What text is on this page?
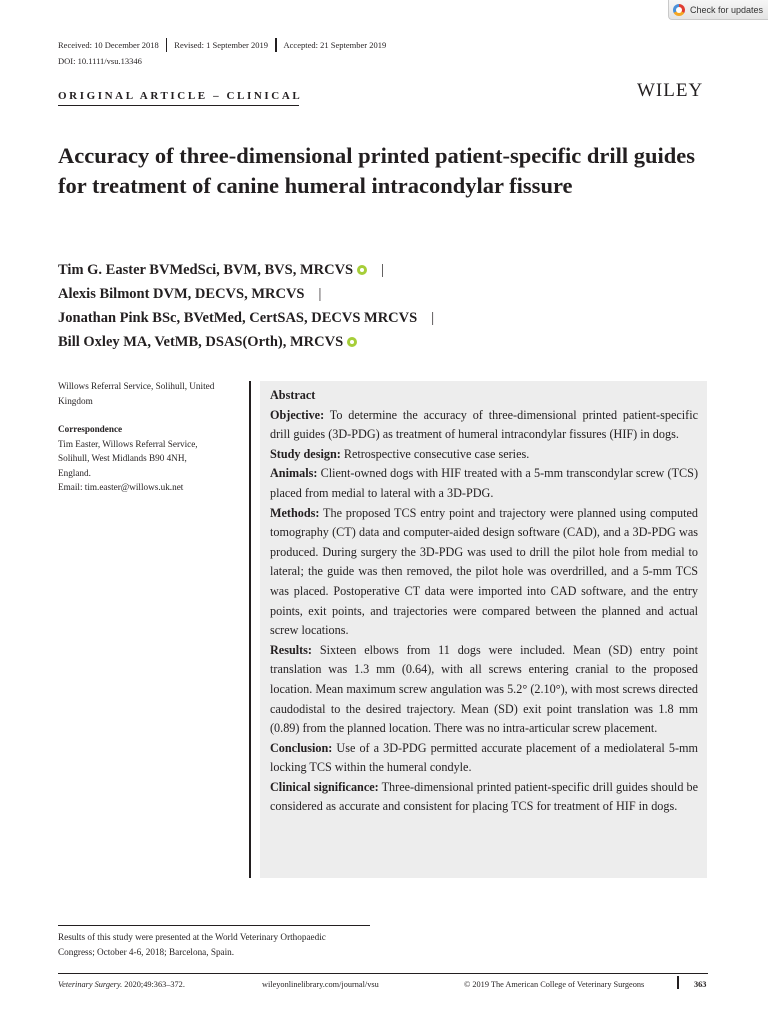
Check for updates
Received: 10 December 2018 Revised: 1 September 2019 Accepted: 21 September 2019
DOI: 10.1111/vsu.13346
ORIGINAL ARTICLE – CLINICAL	WILEY
Accuracy of three-dimensional printed patient-specific drill guides for treatment of canine humeral intracondylar fissure
Tim G. Easter BVMedSci, BVM, BVS, MRCVS |
Alexis Bilmont DVM, DECVS, MRCVS |
Jonathan Pink BSc, BVetMed, CertSAS, DECVS MRCVS |
Bill Oxley MA, VetMB, DSAS(Orth), MRCVS
Willows Referral Service, Solihull, United Kingdom
Correspondence
Tim Easter, Willows Referral Service,
Solihull, West Midlands B90 4NH,
England.
Email: tim.easter@willows.uk.net

Abstract

Objective: To determine the accuracy of three-dimensional printed patient-specific drill guides (3D-PDG) as treatment of humeral intracondylar fissures (HIF) in dogs.

Study design: Retrospective consecutive case series.

Animals: Client-owned dogs with HIF treated with a 5-mm transcondylar screw (TCS) placed from medial to lateral with a 3D-PDG.

Methods: The proposed TCS entry point and trajectory were planned using computed tomography (CT) data and computer-aided design software (CAD), and a 3D-PDG was produced. During surgery the 3D-PDG was used to drill the pilot hole from medial to lateral; the guide was then removed, the pilot hole was overdrilled, and a 5-mm TCS was placed. Postoperative CT data were imported into CAD software, and the entry points, exit points, and trajectories were compared between the planned and actual screw locations.

Results: Sixteen elbows from 11 dogs were included. Mean (SD) entry point translation was 1.3 mm (0.64), with all screws entering cranial to the proposed location. Mean maximum screw angulation was 5.2° (2.10°), with most screws directed caudodistal to the desired trajectory. Mean (SD) exit point translation was 1.8 mm (0.89) from the planned location. There was no intra-articular screw placement.

Conclusion: Use of a 3D-PDG permitted accurate placement of a mediolateral 5-mm locking TCS within the humeral condyle.

Clinical significance: Three-dimensional printed patient-specific drill guides should be considered as accurate and consistent for placing TCS for treatment of HIF in dogs.

Results of this study were presented at the World Veterinary Orthopaedic Congress; October 4-6, 2018; Barcelona, Spain.
Veterinary Surgery. 2020;49:363–372.	wileyonlinelibrary.com/journal/vsu	© 2019 The American College of Veterinary Surgeons	363
